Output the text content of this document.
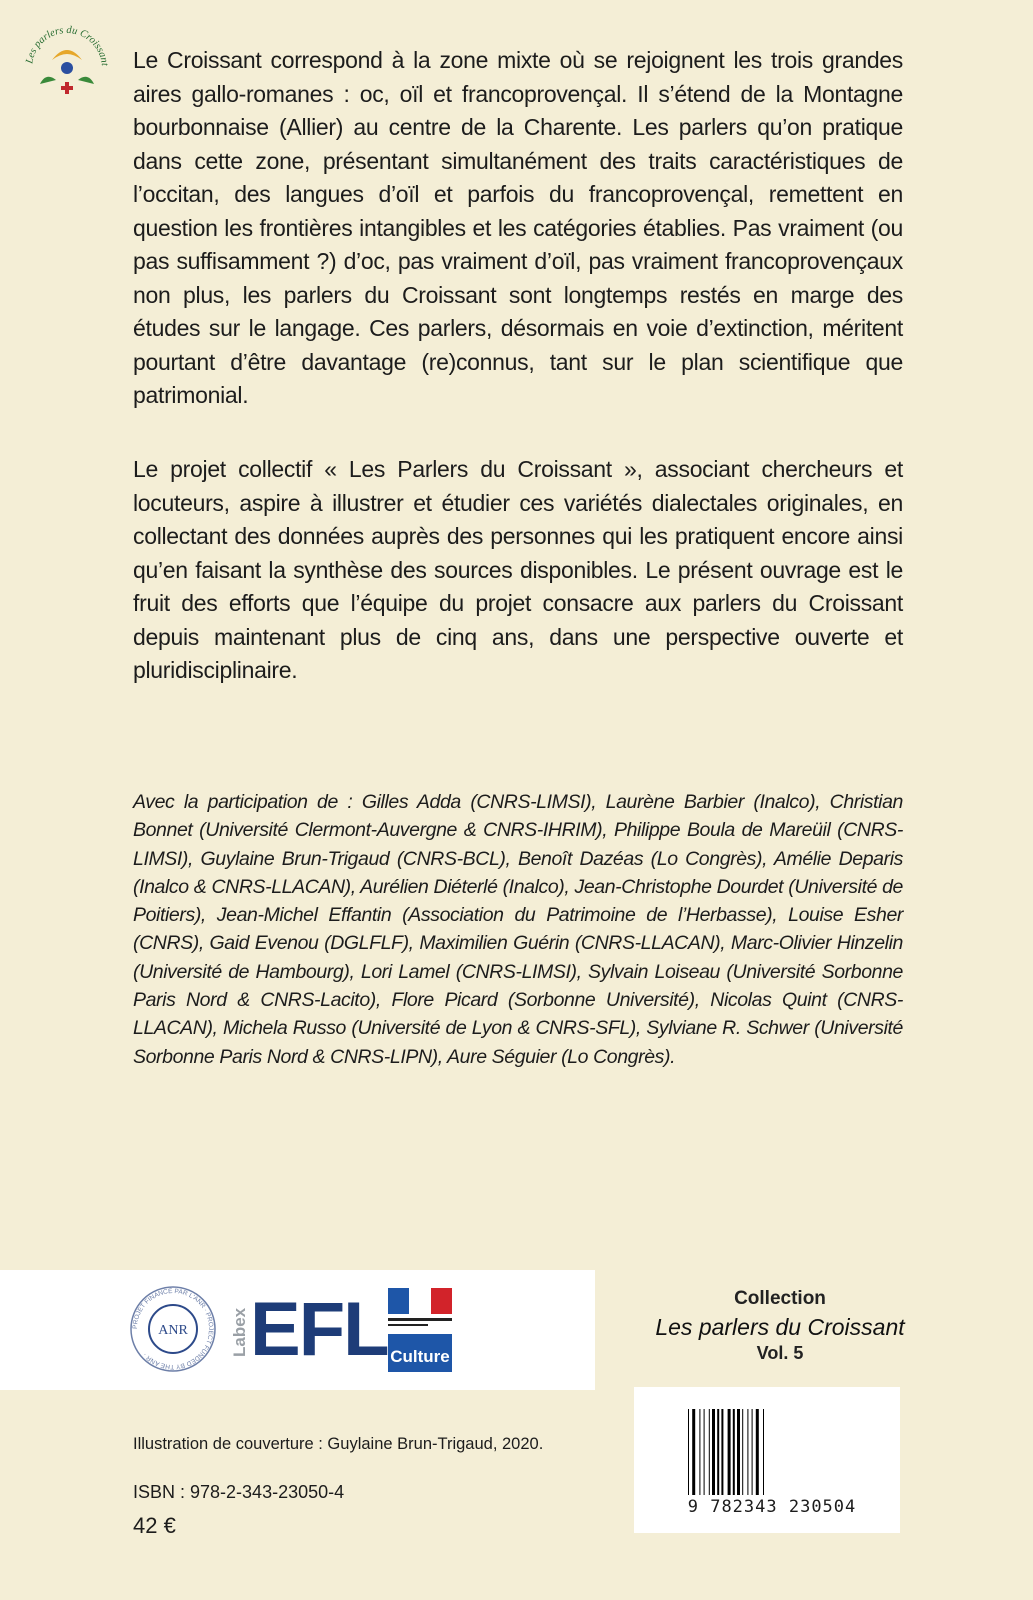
Les parlers du Croissant Le Croissant correspond à la zone mixte où se rejoignent les trois grandes aires gallo-romanes : oc, oïl et francoprovençal. Il s’étend de la Montagne bourbonnaise (Allier) au centre de la Charente. Les parlers qu’on pratique dans cette zone, présentant simultanément des traits caractéristiques de l’occitan, des langues d’oïl et parfois du francoprovençal, remettent en question les frontières intangibles et les catégories établies. Pas vraiment (ou pas suffisamment ?) d’oc, pas vraiment d’oïl, pas vraiment francoprovençaux non plus, les parlers du Croissant sont longtemps restés en marge des études sur le langage. Ces parlers, désormais en voie d’extinction, méritent pourtant d’être davantage (re)connus, tant sur le plan scientifique que patrimonial.

Le projet collectif « Les Parlers du Croissant », associant chercheurs et locuteurs, aspire à illustrer et étudier ces variétés dialectales originales, en collectant des données auprès des personnes qui les pratiquent encore ainsi qu’en faisant la synthèse des sources disponibles. Le présent ouvrage est le fruit des efforts que l’équipe du projet consacre aux parlers du Croissant depuis maintenant plus de cinq ans, dans une perspective ouverte et pluridisciplinaire.

Avec la participation de : Gilles Adda (CNRS-LIMSI), Laurène Barbier (Inalco), Christian Bonnet (Université Clermont-Auvergne & CNRS-IHRIM), Philippe Boula de Mareüil (CNRS-LIMSI), Guylaine Brun-Trigaud (CNRS-BCL), Benoît Dazéas (Lo Congrès), Amélie Deparis (Inalco & CNRS-LLACAN), Aurélien Diéterlé (Inalco), Jean-Christophe Dourdet (Université de Poitiers), Jean-Michel Effantin (Association du Patrimoine de l’Herbasse), Louise Esher (CNRS), Gaid Evenou (DGLFLF), Maximilien Guérin (CNRS-LLACAN), Marc-Olivier Hinzelin (Université de Hambourg), Lori Lamel (CNRS-LIMSI), Sylvain Loiseau (Université Sorbonne Paris Nord & CNRS-Lacito), Flore Picard (Sorbonne Université), Nicolas Quint (CNRS-LLACAN), Michela Russo (Université de Lyon & CNRS-SFL), Sylviane R. Schwer (Université Sorbonne Paris Nord & CNRS-LIPN), Aure Séguier (Lo Congrès).

PROJET FINANCÉ PAR L'ANR · PROJECT FUNDED BY THE ANR ·
ANR Labex EFL Culture
Collection
Les parlers du Croissant
Vol. 5
9 782343 230504
Illustration de couverture : Guylaine Brun-Trigaud, 2020.
ISBN : 978-2-343-23050-4
42 €
